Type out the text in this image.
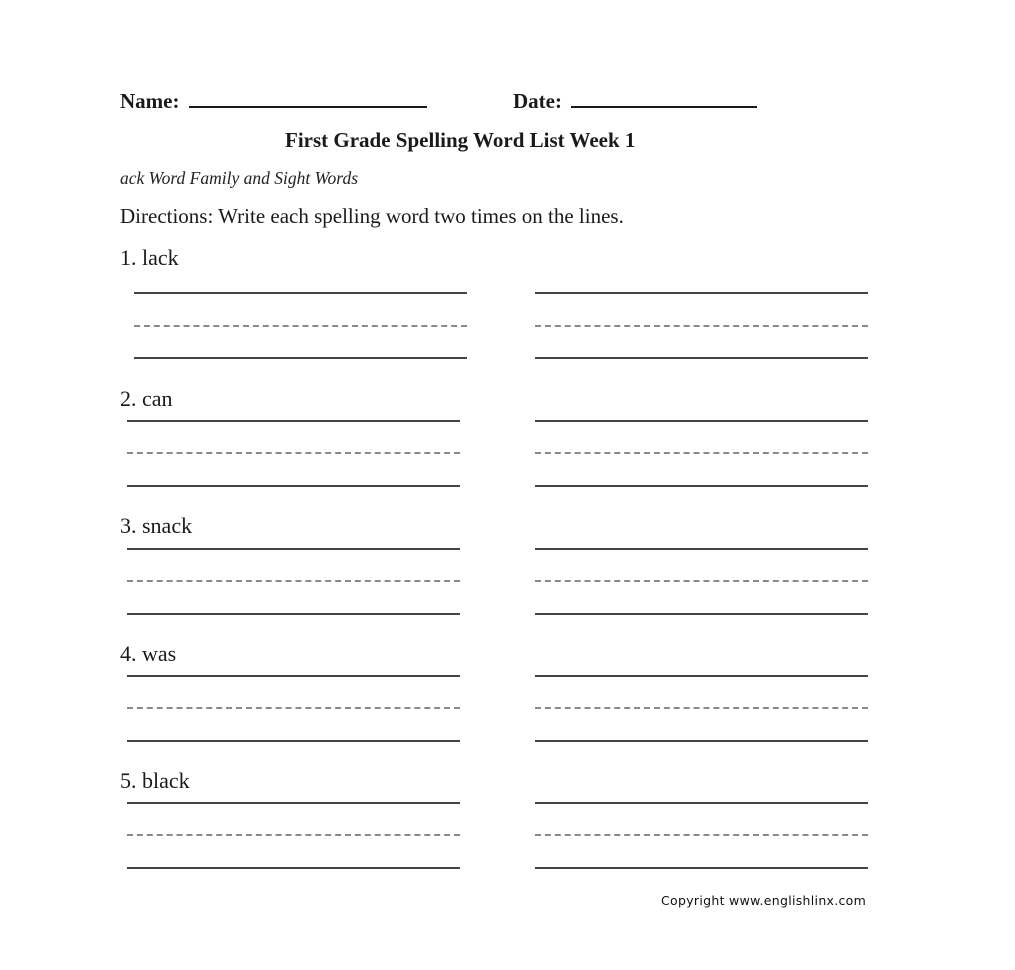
Name:	Date:
First Grade Spelling Word List Week 1
ack Word Family and Sight Words
Directions: Write each spelling word two times on the lines.
1. lack
2. can
3. snack
4. was
5. black
Copyright www.englishlinx.com
